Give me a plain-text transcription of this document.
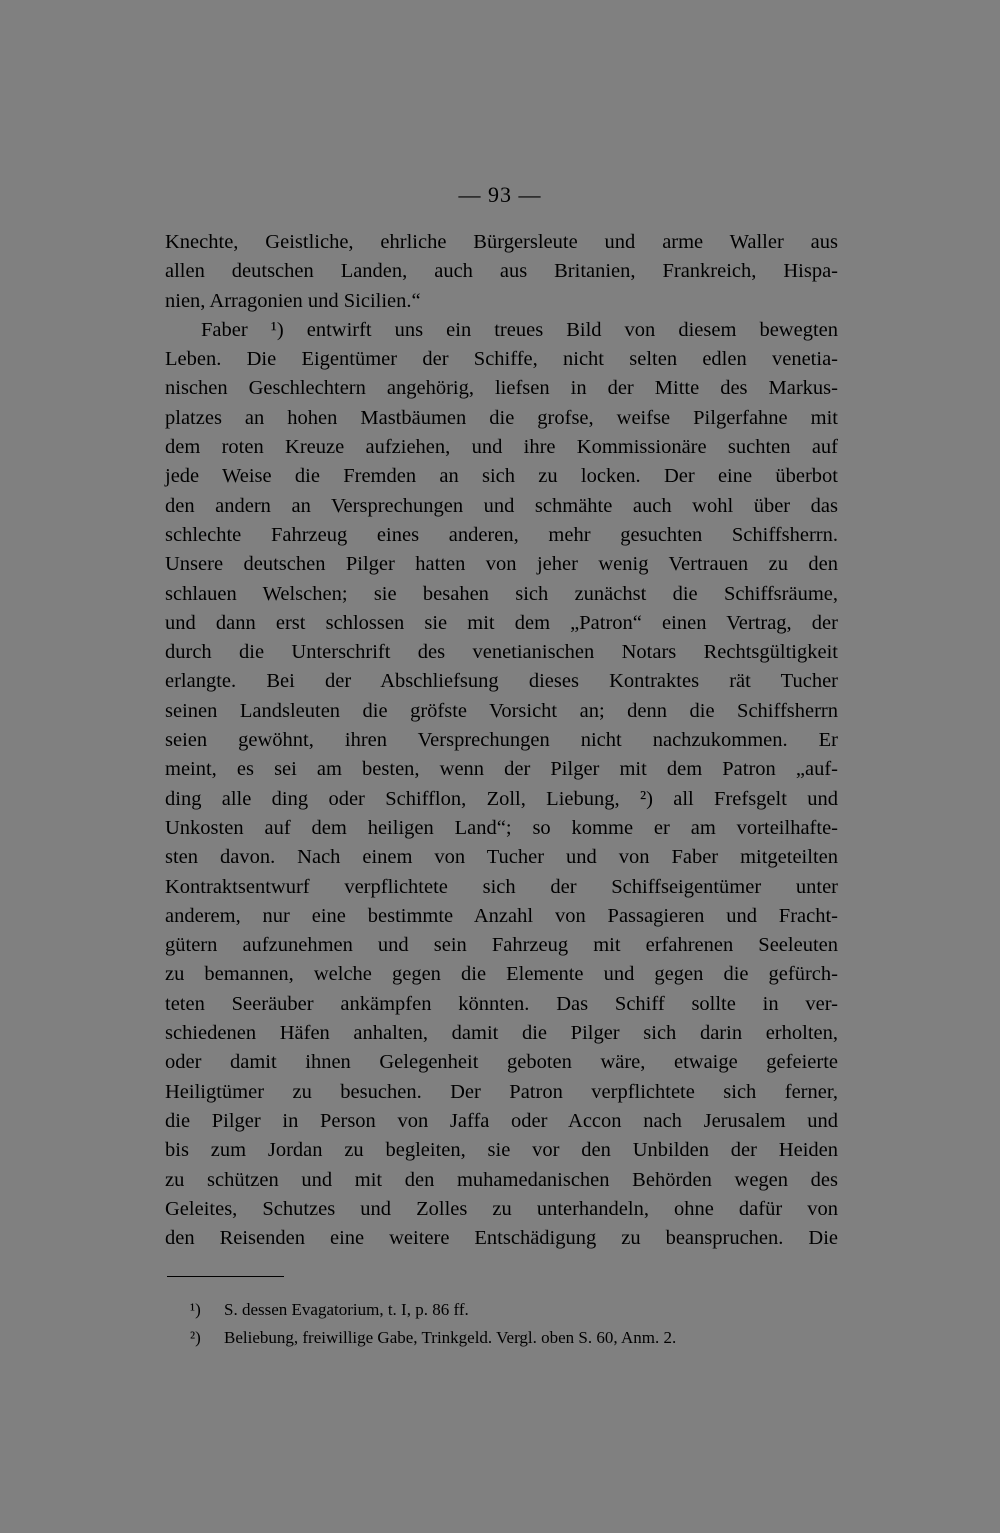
— 93 —
Knechte, Geistliche, ehrliche Bürgersleute und arme Waller aus
allen deutschen Landen, auch aus Britanien, Frankreich, Hispa-
nien, Arragonien und Sicilien.“
Faber ¹) entwirft uns ein treues Bild von diesem bewegten
Leben. Die Eigentümer der Schiffe, nicht selten edlen venetia-
nischen Geschlechtern angehörig, liefsen in der Mitte des Markus-
platzes an hohen Mastbäumen die grofse, weifse Pilgerfahne mit
dem roten Kreuze aufziehen, und ihre Kommissionäre suchten auf
jede Weise die Fremden an sich zu locken. Der eine überbot
den andern an Versprechungen und schmähte auch wohl über das
schlechte Fahrzeug eines anderen, mehr gesuchten Schiffsherrn.
Unsere deutschen Pilger hatten von jeher wenig Vertrauen zu den
schlauen Welschen; sie besahen sich zunächst die Schiffsräume,
und dann erst schlossen sie mit dem „Patron“ einen Vertrag, der
durch die Unterschrift des venetianischen Notars Rechtsgültigkeit
erlangte. Bei der Abschliefsung dieses Kontraktes rät Tucher
seinen Landsleuten die gröfste Vorsicht an; denn die Schiffsherrn
seien gewöhnt, ihren Versprechungen nicht nachzukommen. Er
meint, es sei am besten, wenn der Pilger mit dem Patron „auf-
ding alle ding oder Schifflon, Zoll, Liebung, ²) all Frefsgelt und
Unkosten auf dem heiligen Land“; so komme er am vorteilhafte-
sten davon. Nach einem von Tucher und von Faber mitgeteilten
Kontraktsentwurf verpflichtete sich der Schiffseigentümer unter
anderem, nur eine bestimmte Anzahl von Passagieren und Fracht-
gütern aufzunehmen und sein Fahrzeug mit erfahrenen Seeleuten
zu bemannen, welche gegen die Elemente und gegen die gefürch-
teten Seeräuber ankämpfen könnten. Das Schiff sollte in ver-
schiedenen Häfen anhalten, damit die Pilger sich darin erholten,
oder damit ihnen Gelegenheit geboten wäre, etwaige gefeierte
Heiligtümer zu besuchen. Der Patron verpflichtete sich ferner,
die Pilger in Person von Jaffa oder Accon nach Jerusalem und
bis zum Jordan zu begleiten, sie vor den Unbilden der Heiden
zu schützen und mit den muhamedanischen Behörden wegen des
Geleites, Schutzes und Zolles zu unterhandeln, ohne dafür von
den Reisenden eine weitere Entschädigung zu beanspruchen. Die
¹) S. dessen Evagatorium, t. I, p. 86 ff.
²) Beliebung, freiwillige Gabe, Trinkgeld. Vergl. oben S. 60, Anm. 2.
